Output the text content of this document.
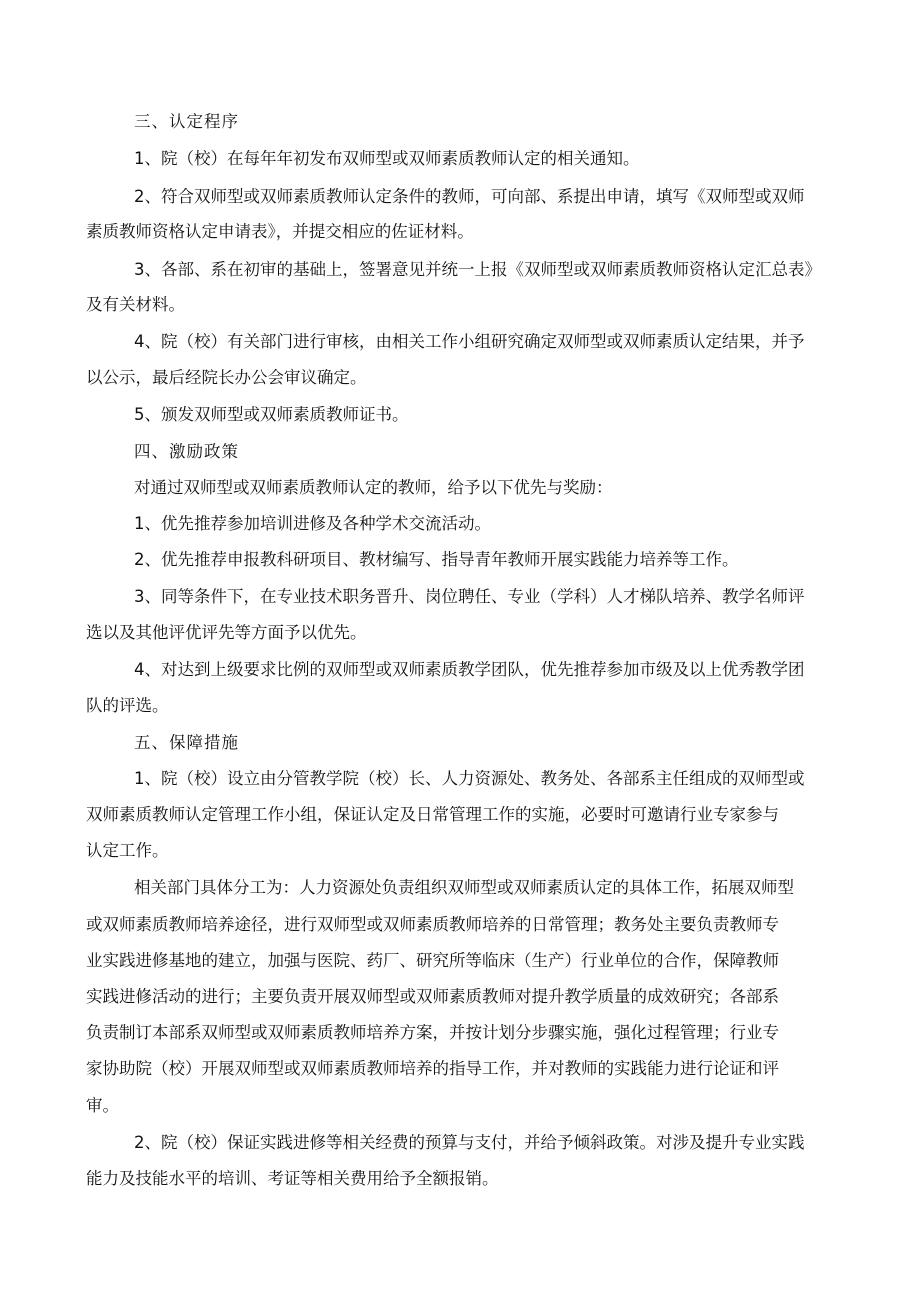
三、认定程序
1、院（校）在每年年初发布双师型或双师素质教师认定的相关通知。
2、符合双师型或双师素质教师认定条件的教师，可向部、系提出申请，填写《双师型或双师
素质教师资格认定申请表》，并提交相应的佐证材料。
3、各部、系在初审的基础上，签署意见并统一上报《双师型或双师素质教师资格认定汇总表》
及有关材料。
4、院（校）有关部门进行审核，由相关工作小组研究确定双师型或双师素质认定结果，并予
以公示，最后经院长办公会审议确定。
5、颁发双师型或双师素质教师证书。
四、激励政策
对通过双师型或双师素质教师认定的教师，给予以下优先与奖励：
1、优先推荐参加培训进修及各种学术交流活动。
2、优先推荐申报教科研项目、教材编写、指导青年教师开展实践能力培养等工作。
3、同等条件下，在专业技术职务晋升、岗位聘任、专业（学科）人才梯队培养、教学名师评
选以及其他评优评先等方面予以优先。
4、对达到上级要求比例的双师型或双师素质教学团队，优先推荐参加市级及以上优秀教学团
队的评选。
五、保障措施
1、院（校）设立由分管教学院（校）长、人力资源处、教务处、各部系主任组成的双师型或
双师素质教师认定管理工作小组，保证认定及日常管理工作的实施，必要时可邀请行业专家参与
认定工作。
相关部门具体分工为：人力资源处负责组织双师型或双师素质认定的具体工作，拓展双师型
或双师素质教师培养途径，进行双师型或双师素质教师培养的日常管理；教务处主要负责教师专
业实践进修基地的建立，加强与医院、药厂、研究所等临床（生产）行业单位的合作，保障教师
实践进修活动的进行；主要负责开展双师型或双师素质教师对提升教学质量的成效研究；各部系
负责制订本部系双师型或双师素质教师培养方案，并按计划分步骤实施，强化过程管理；行业专
家协助院（校）开展双师型或双师素质教师培养的指导工作，并对教师的实践能力进行论证和评
审。
2、院（校）保证实践进修等相关经费的预算与支付，并给予倾斜政策。对涉及提升专业实践
能力及技能水平的培训、考证等相关费用给予全额报销。
